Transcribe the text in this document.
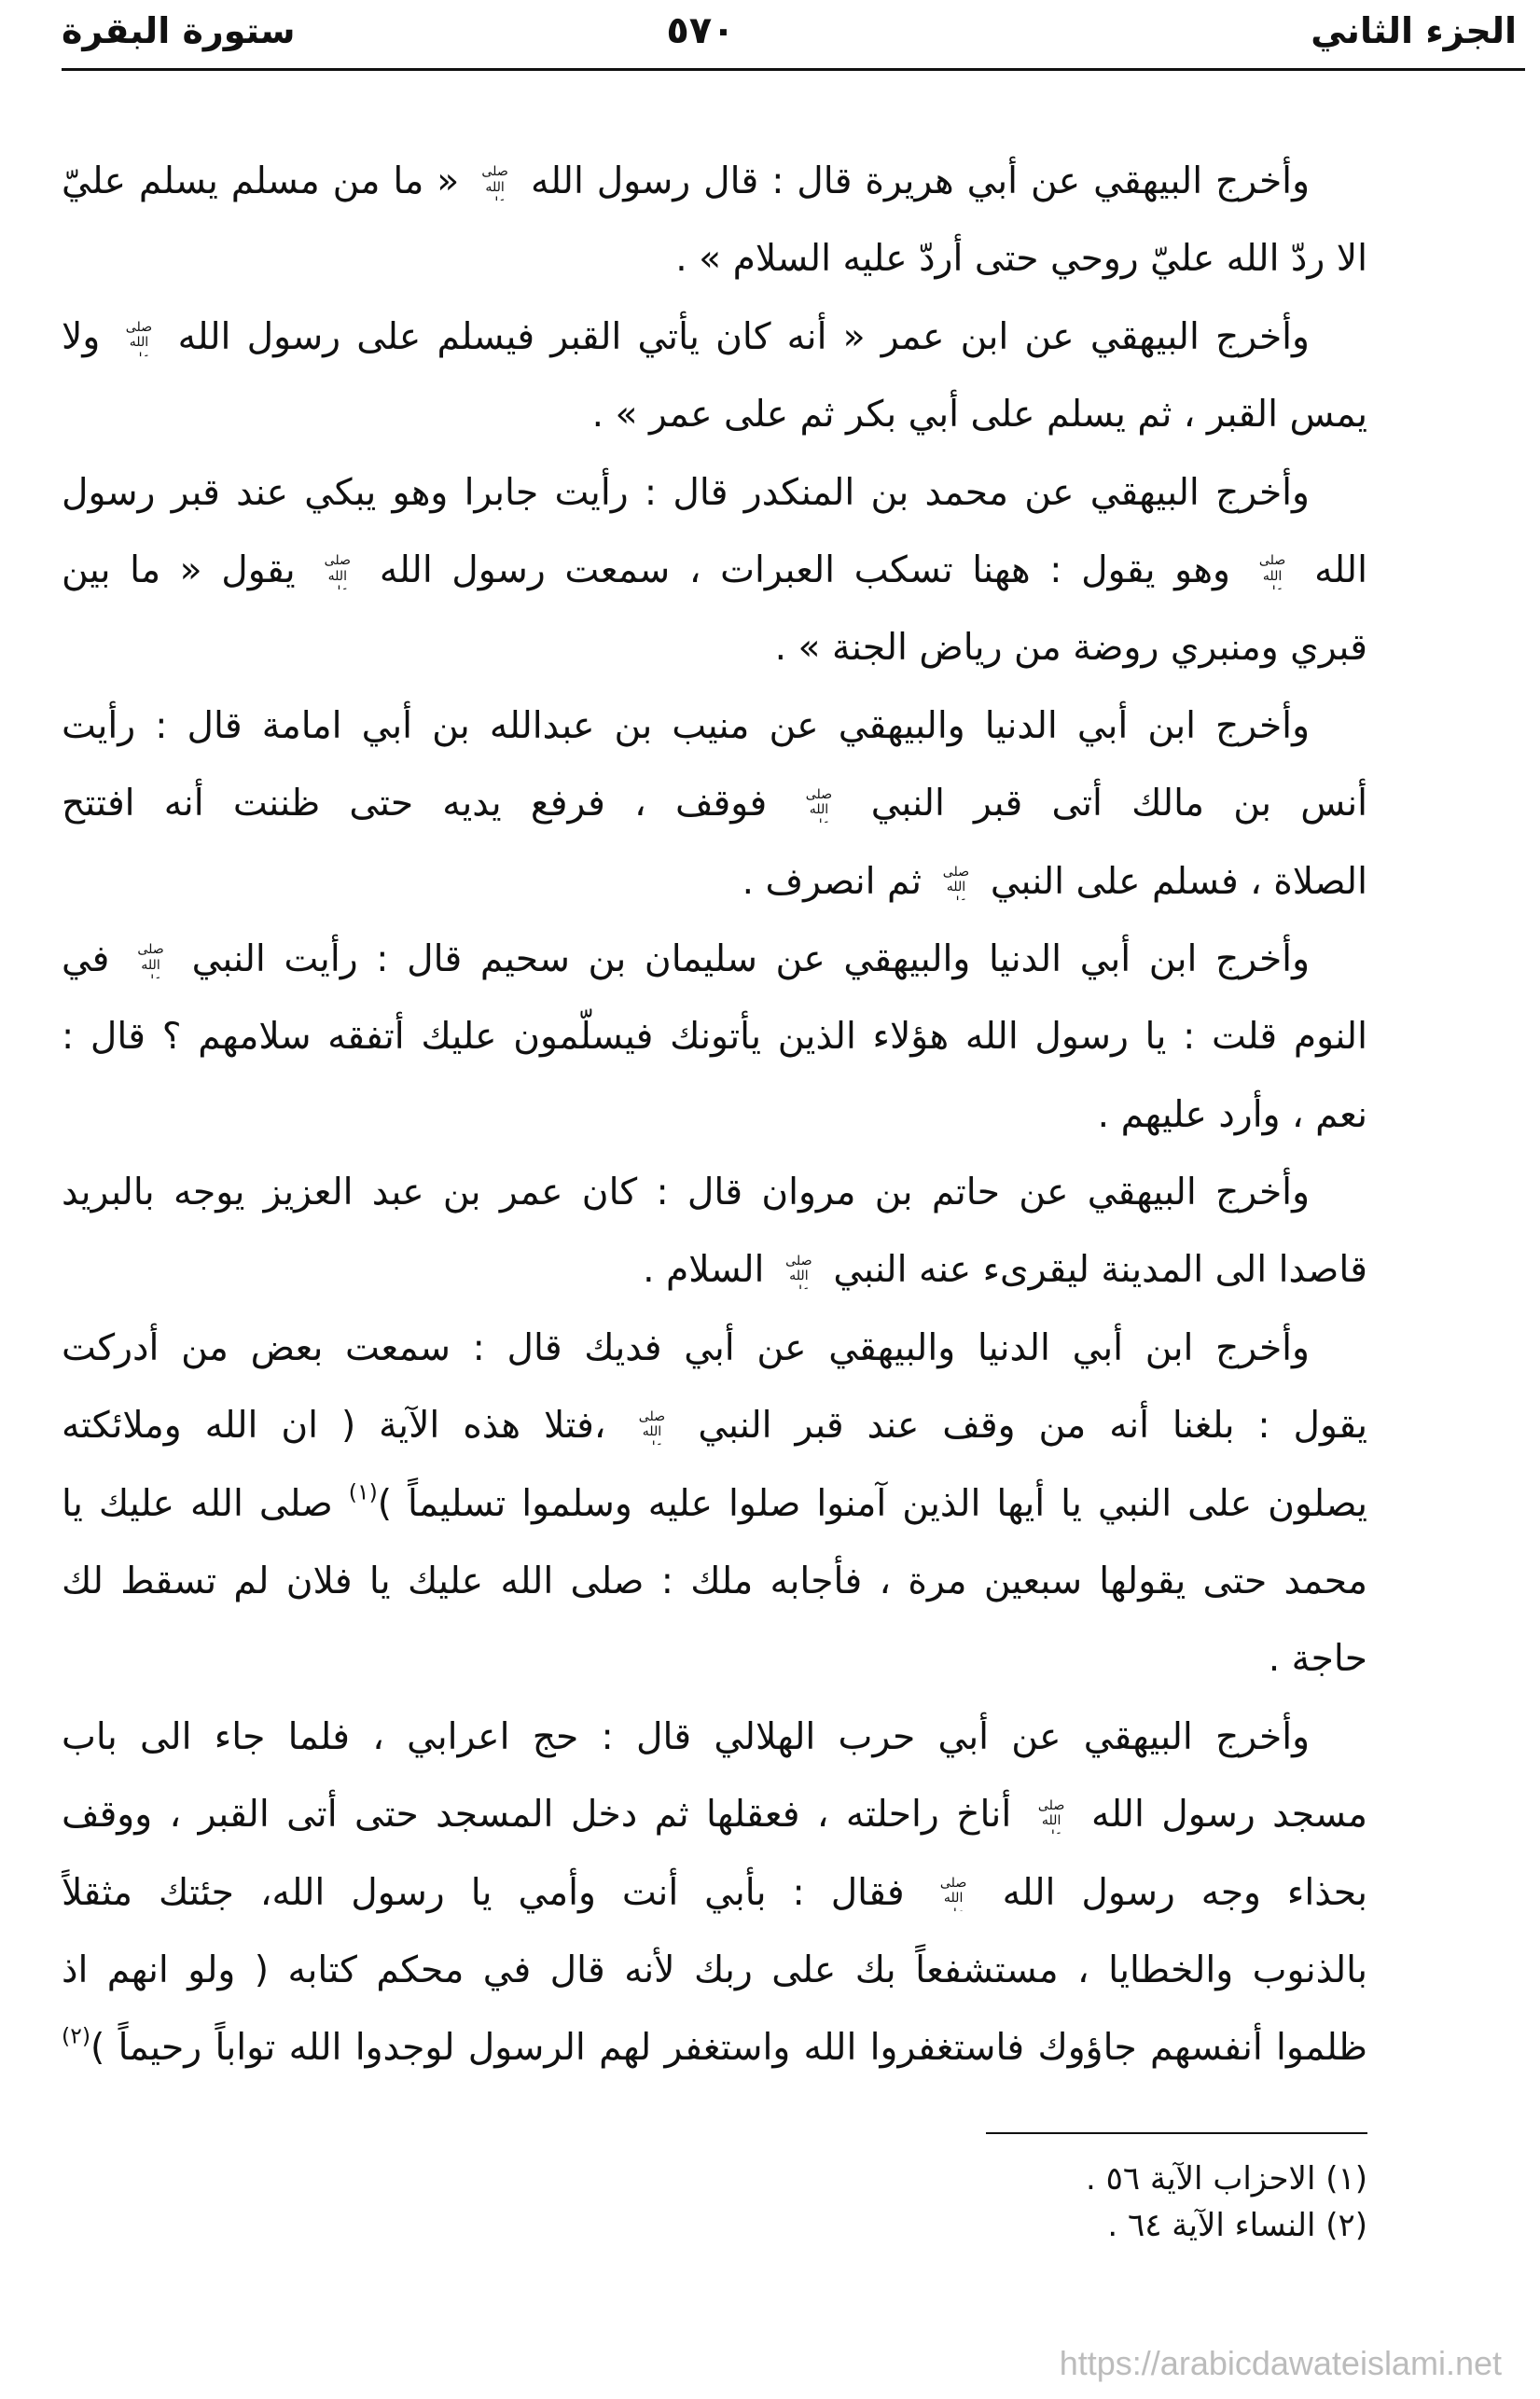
الجزء الثاني
٥٧٠
ستورة البقرة
وأخرج البيهقي عن أبي هريرة قال : قال رسول الله  « ما من مسلم يسلم عليّ
الا ردّ الله عليّ روحي حتى أردّ عليه السلام » .
وأخرج البيهقي عن ابن عمر « أنه كان يأتي القبر فيسلم على رسول الله  ولا
يمس القبر ، ثم يسلم على أبي بكر ثم على عمر » .
وأخرج البيهقي عن محمد بن المنكدر قال : رأيت جابرا وهو يبكي عند قبر رسول
الله  وهو يقول : ههنا تسكب العبرات ، سمعت رسول الله  يقول « ما بين
قبري ومنبري روضة من رياض الجنة » .
وأخرج ابن أبي الدنيا والبيهقي عن منيب بن عبدالله بن أبي امامة قال : رأيت
أنس بن مالك أتى قبر النبي  فوقف ، فرفع يديه حتى ظننت أنه افتتح
الصلاة ، فسلم على النبي  ثم انصرف .
وأخرج ابن أبي الدنيا والبيهقي عن سليمان بن سحيم قال : رأيت النبي  في
النوم قلت : يا رسول الله هؤلاء الذين يأتونك فيسلّمون عليك أتفقه سلامهم ؟ قال :
نعم ، وأرد عليهم .
وأخرج البيهقي عن حاتم بن مروان قال : كان عمر بن عبد العزيز يوجه بالبريد
قاصدا الى المدينة ليقرىء عنه النبي  السلام .
وأخرج ابن أبي الدنيا والبيهقي عن أبي فديك قال : سمعت بعض من أدركت
يقول : بلغنا أنه من وقف عند قبر النبي  ،فتلا هذه الآية ( ان الله وملائكته
يصلون على النبي يا أيها الذين آمنوا صلوا عليه وسلموا تسليماً )$^{(١)}$ صلى الله عليك يا
محمد حتى يقولها سبعين مرة ، فأجابه ملك : صلى الله عليك يا فلان لم تسقط لك
حاجة .
وأخرج البيهقي عن أبي حرب الهلالي قال : حج اعرابي ، فلما جاء الى باب
مسجد رسول الله  أناخ راحلته ، فعقلها ثم دخل المسجد حتى أتى القبر ، ووقف
بحذاء وجه رسول الله  فقال : بأبي أنت وأمي يا رسول الله، جئتك مثقلاً
بالذنوب والخطايا ، مستشفعاً بك على ربك لأنه قال في محكم كتابه ( ولو انهم اذ
ظلموا أنفسهم جاؤوك فاستغفروا الله واستغفر لهم الرسول لوجدوا الله تواباً رحيماً )$^{(٢)}$
(١) الاحزاب الآية ٥٦ .
(٢) النساء الآية ٦٤ .
https://arabicdawateislami.net
